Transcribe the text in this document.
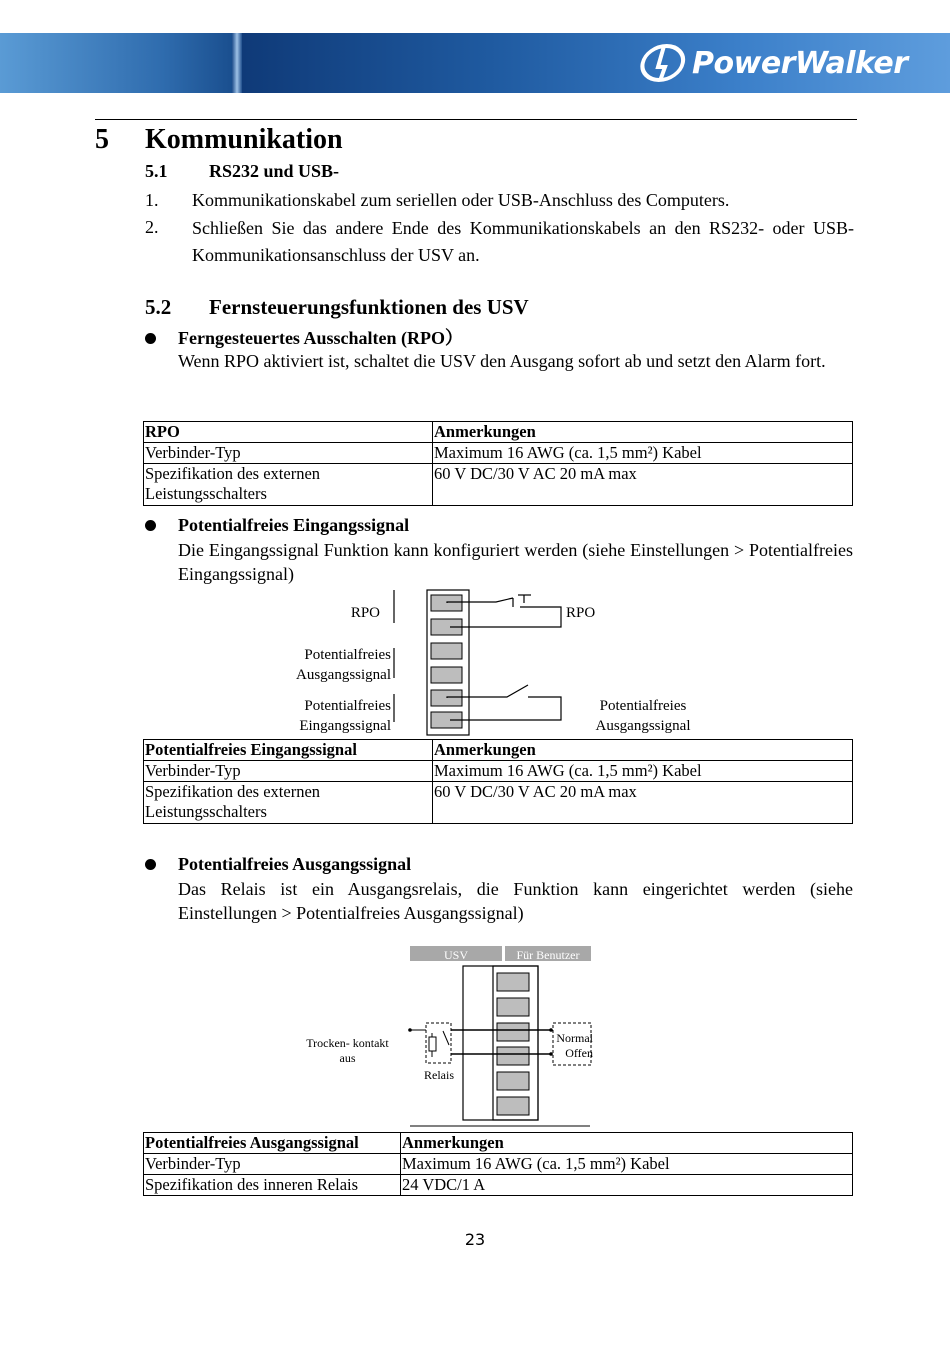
PowerWalker
5 Kommunikation
5.1 RS232 und USB-
1. Kommunikationskabel zum seriellen oder USB-Anschluss des Computers.
2. Schließen Sie das andere Ende des Kommunikationskabels an den RS232- oder USB-Kommunikationsanschluss der USV an.
5.2 Fernsteuerungsfunktionen des USV
Ferngesteuertes Ausschalten (RPO）
Wenn RPO aktiviert ist, schaltet die USV den Ausgang sofort ab und setzt den Alarm fort.
RPO	Anmerkungen
Verbinder-Typ	Maximum 16 AWG (ca. 1,5 mm²) Kabel
Spezifikation des externen Leistungsschalters	60 V DC/30 V AC 20 mA max
Potentialfreies Eingangssignal
Die Eingangssignal Funktion kann konfiguriert werden (siehe Einstellungen > Potentialfreies Eingangssignal)
RPO
Potentialfreies Ausgangssignal
Potentialfreies Eingangssignal
RPO
Potentialfreies Ausgangssignal
Potentialfreies Eingangssignal	Anmerkungen
Verbinder-Typ	Maximum 16 AWG (ca. 1,5 mm²) Kabel
Spezifikation des externen Leistungsschalters	60 V DC/30 V AC 20 mA max
Potentialfreies Ausgangssignal
Das Relais ist ein Ausgangsrelais, die Funktion kann eingerichtet werden (siehe Einstellungen > Potentialfreies Ausgangssignal)
USV	Für Benutzer
Trocken- kontakt aus
Relais
Normal Offen
Potentialfreies Ausgangssignal	Anmerkungen
Verbinder-Typ	Maximum 16 AWG (ca. 1,5 mm²) Kabel
Spezifikation des inneren Relais	24 VDC/1 A
23
